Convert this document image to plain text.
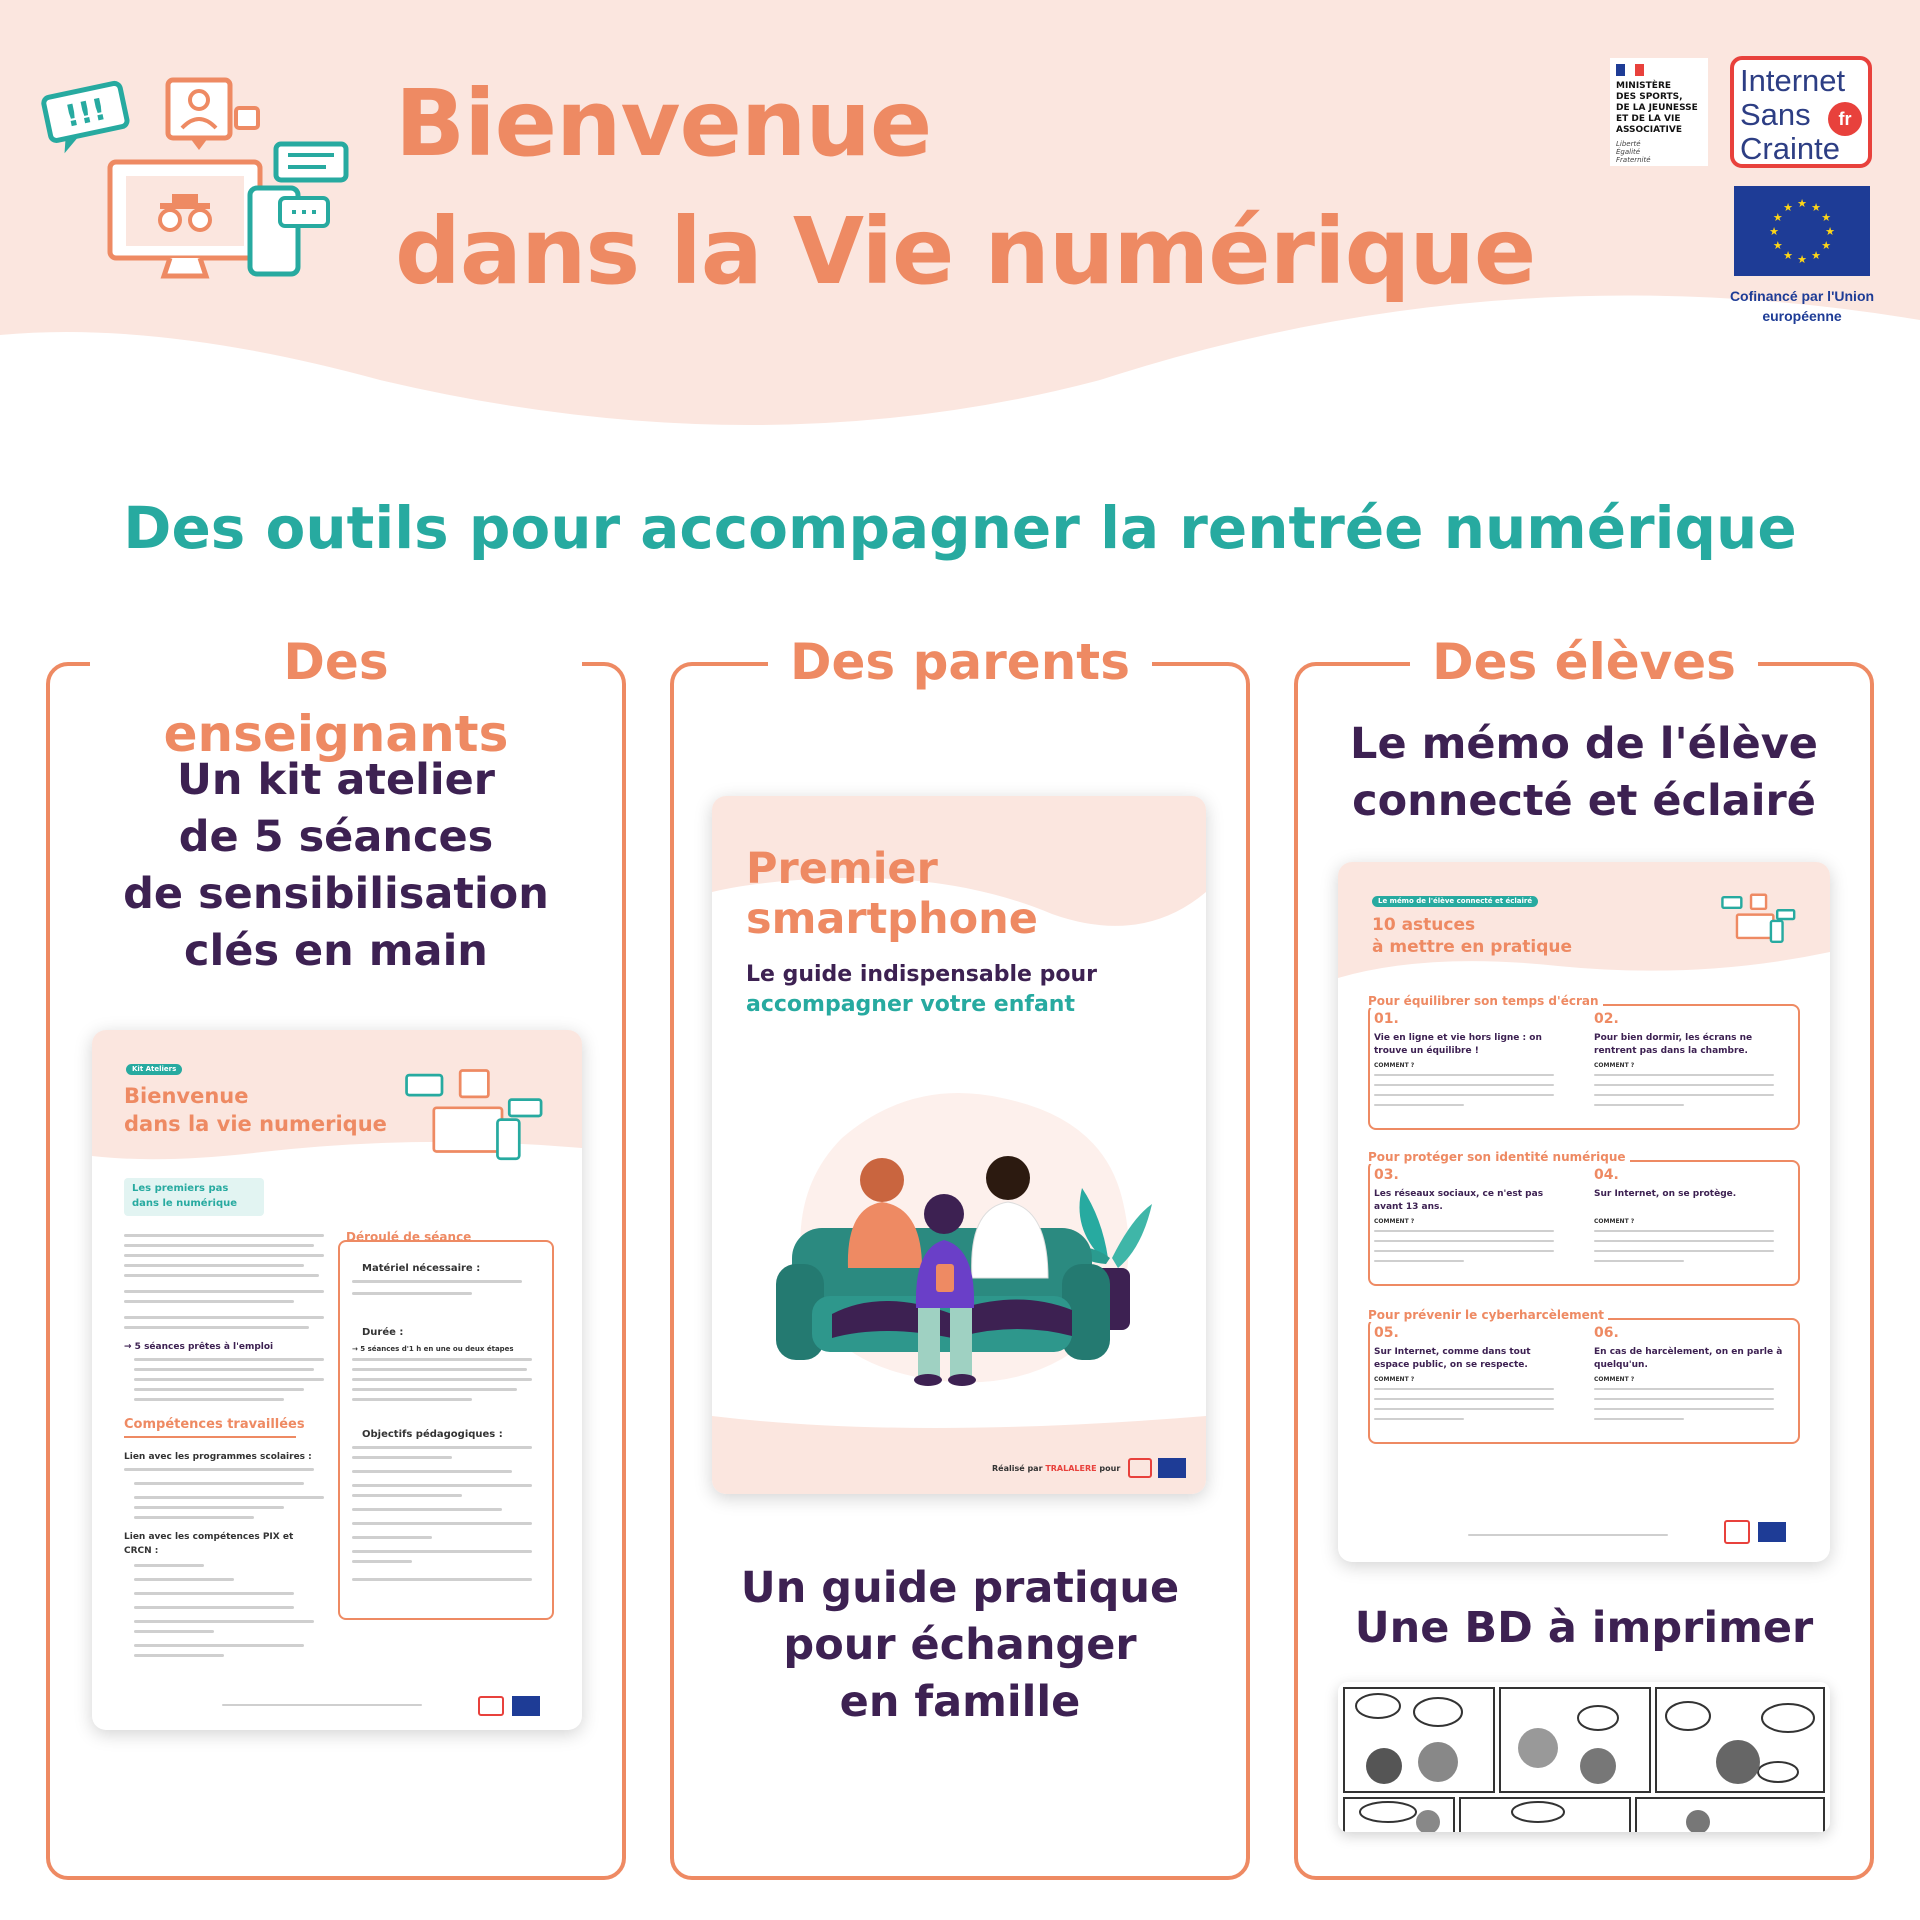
!!!	Bienvenue
dans la Vie numérique
MINISTÈRE
DES SPORTS,
DE LA JEUNESSE
ET DE LA VIE
ASSOCIATIVE
Liberté
Égalité
Fraternité
Internet
Sans
Crainte
fr
★ ★
★
★
★
★
★
★
★
★
★
★
Cofinancé par l'Union européenne
Des outils pour accompagner la rentrée numérique
Des enseignants
Un kit atelier
de 5 séances
de sensibilisation
clés en main
Kit Ateliers
Bienvenue
dans la vie numerique
Les premiers pas
dans le numérique
→ 5 séances prêtes à l'emploi
Compétences travaillées
Lien avec les programmes scolaires :
Lien avec les compétences PIX et CRCN :
Déroulé de séance
Matériel nécessaire :
Durée :
→ 5 séances d'1 h en une ou deux étapes
Objectifs pédagogiques :
Des parents
Premier
smartphone
Le guide indispensable pour
accompagner votre enfant
Réalisé par TRALALERE pour
Un guide pratique
pour échanger
en famille
Des élèves
Le mémo de l'élève
connecté et éclairé
Le mémo de l'élève connecté et éclairé
10 astuces
à mettre en pratique
Pour équilibrer son temps d'écran
01.
Vie en ligne et vie hors ligne : on trouve un équilibre !
COMMENT ?
02.
Pour bien dormir, les écrans ne rentrent pas dans la chambre.
COMMENT ?
Pour protéger son identité numérique
03.
Les réseaux sociaux, ce n'est pas avant 13 ans.
COMMENT ?
04.
Sur Internet, on se protège.
COMMENT ?
Pour prévenir le cyberharcèlement
05.
Sur Internet, comme dans tout espace public, on se respecte.
COMMENT ?
06.
En cas de harcèlement, on en parle à quelqu'un.
COMMENT ?
Une BD à imprimer
